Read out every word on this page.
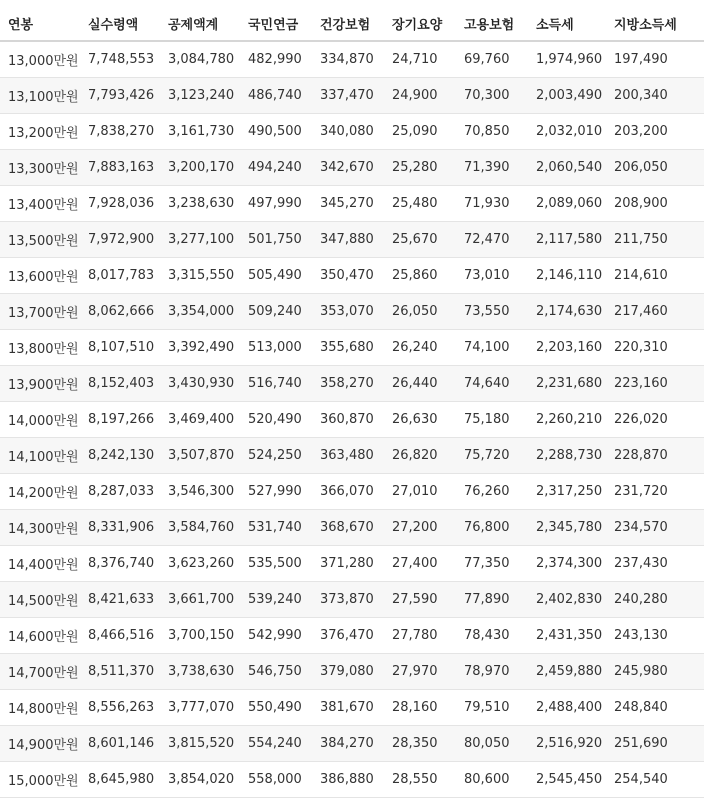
연봉	실수령액	공제액계	국민연금	건강보험	장기요양	고용보험	소득세	지방소득세
13,000만원	7,748,553	3,084,780	482,990	334,870	24,710	69,760	1,974,960	197,490
13,100만원	7,793,426	3,123,240	486,740	337,470	24,900	70,300	2,003,490	200,340
13,200만원	7,838,270	3,161,730	490,500	340,080	25,090	70,850	2,032,010	203,200
13,300만원	7,883,163	3,200,170	494,240	342,670	25,280	71,390	2,060,540	206,050
13,400만원	7,928,036	3,238,630	497,990	345,270	25,480	71,930	2,089,060	208,900
13,500만원	7,972,900	3,277,100	501,750	347,880	25,670	72,470	2,117,580	211,750
13,600만원	8,017,783	3,315,550	505,490	350,470	25,860	73,010	2,146,110	214,610
13,700만원	8,062,666	3,354,000	509,240	353,070	26,050	73,550	2,174,630	217,460
13,800만원	8,107,510	3,392,490	513,000	355,680	26,240	74,100	2,203,160	220,310
13,900만원	8,152,403	3,430,930	516,740	358,270	26,440	74,640	2,231,680	223,160
14,000만원	8,197,266	3,469,400	520,490	360,870	26,630	75,180	2,260,210	226,020
14,100만원	8,242,130	3,507,870	524,250	363,480	26,820	75,720	2,288,730	228,870
14,200만원	8,287,033	3,546,300	527,990	366,070	27,010	76,260	2,317,250	231,720
14,300만원	8,331,906	3,584,760	531,740	368,670	27,200	76,800	2,345,780	234,570
14,400만원	8,376,740	3,623,260	535,500	371,280	27,400	77,350	2,374,300	237,430
14,500만원	8,421,633	3,661,700	539,240	373,870	27,590	77,890	2,402,830	240,280
14,600만원	8,466,516	3,700,150	542,990	376,470	27,780	78,430	2,431,350	243,130
14,700만원	8,511,370	3,738,630	546,750	379,080	27,970	78,970	2,459,880	245,980
14,800만원	8,556,263	3,777,070	550,490	381,670	28,160	79,510	2,488,400	248,840
14,900만원	8,601,146	3,815,520	554,240	384,270	28,350	80,050	2,516,920	251,690
15,000만원	8,645,980	3,854,020	558,000	386,880	28,550	80,600	2,545,450	254,540
